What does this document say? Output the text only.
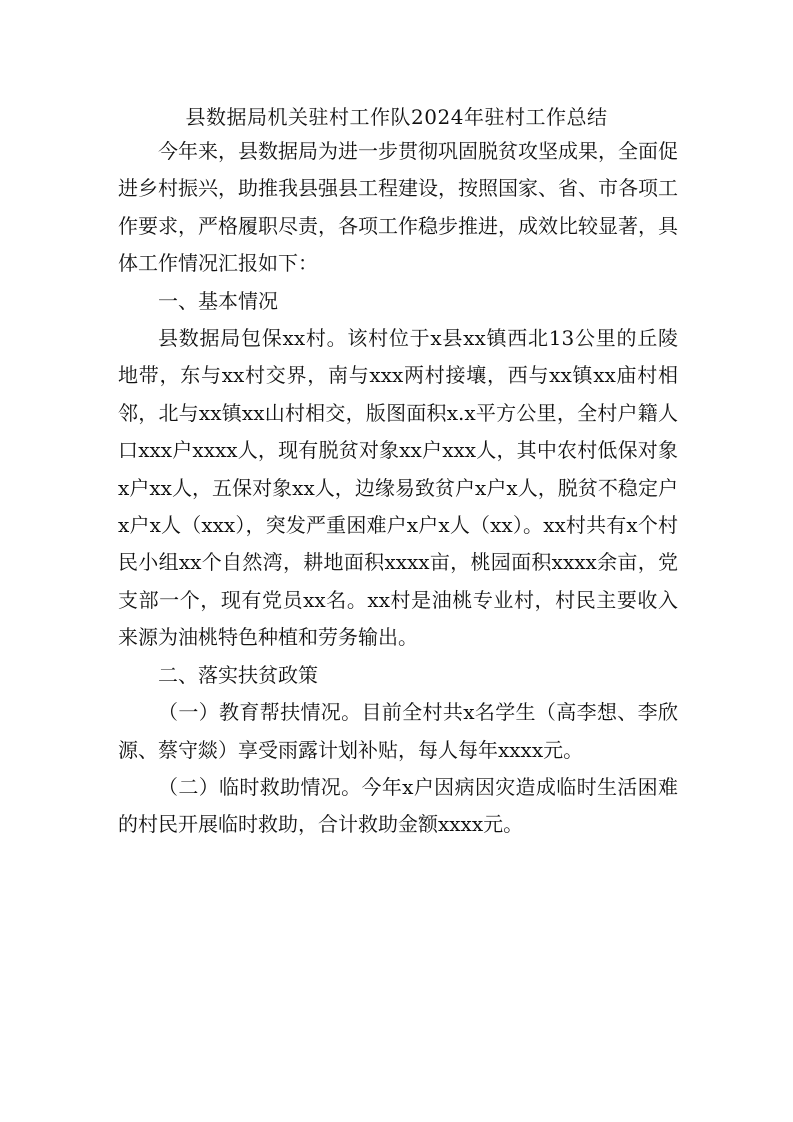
县数据局机关驻村工作队2024年驻村工作总结

今年来，县数据局为进一步贯彻巩固脱贫攻坚成果，全面促进乡村振兴，助推我县强县工程建设，按照国家、省、市各项工作要求，严格履职尽责，各项工作稳步推进，成效比较显著，具体工作情况汇报如下：

一、基本情况

县数据局包保xx村。该村位于x县xx镇西北13公里的丘陵地带，东与xx村交界，南与xxx两村接壤，西与xx镇xx庙村相邻，北与xx镇xx山村相交，版图面积x.x平方公里，全村户籍人口xxx户xxxx人，现有脱贫对象xx户xxx人，其中农村低保对象x户xx人，五保对象xx人，边缘易致贫户x户x人，脱贫不稳定户x户x人（xxx），突发严重困难户x户x人（xx）。xx村共有x个村民小组xx个自然湾，耕地面积xxxx亩，桃园面积xxxx余亩，党支部一个，现有党员xx名。xx村是油桃专业村，村民主要收入来源为油桃特色种植和劳务输出。

二、落实扶贫政策

（一）教育帮扶情况。目前全村共x名学生（高李想、李欣源、蔡守燚）享受雨露计划补贴，每人每年xxxx元。

（二）临时救助情况。今年x户因病因灾造成临时生活困难的村民开展临时救助，合计救助金额xxxx元。
